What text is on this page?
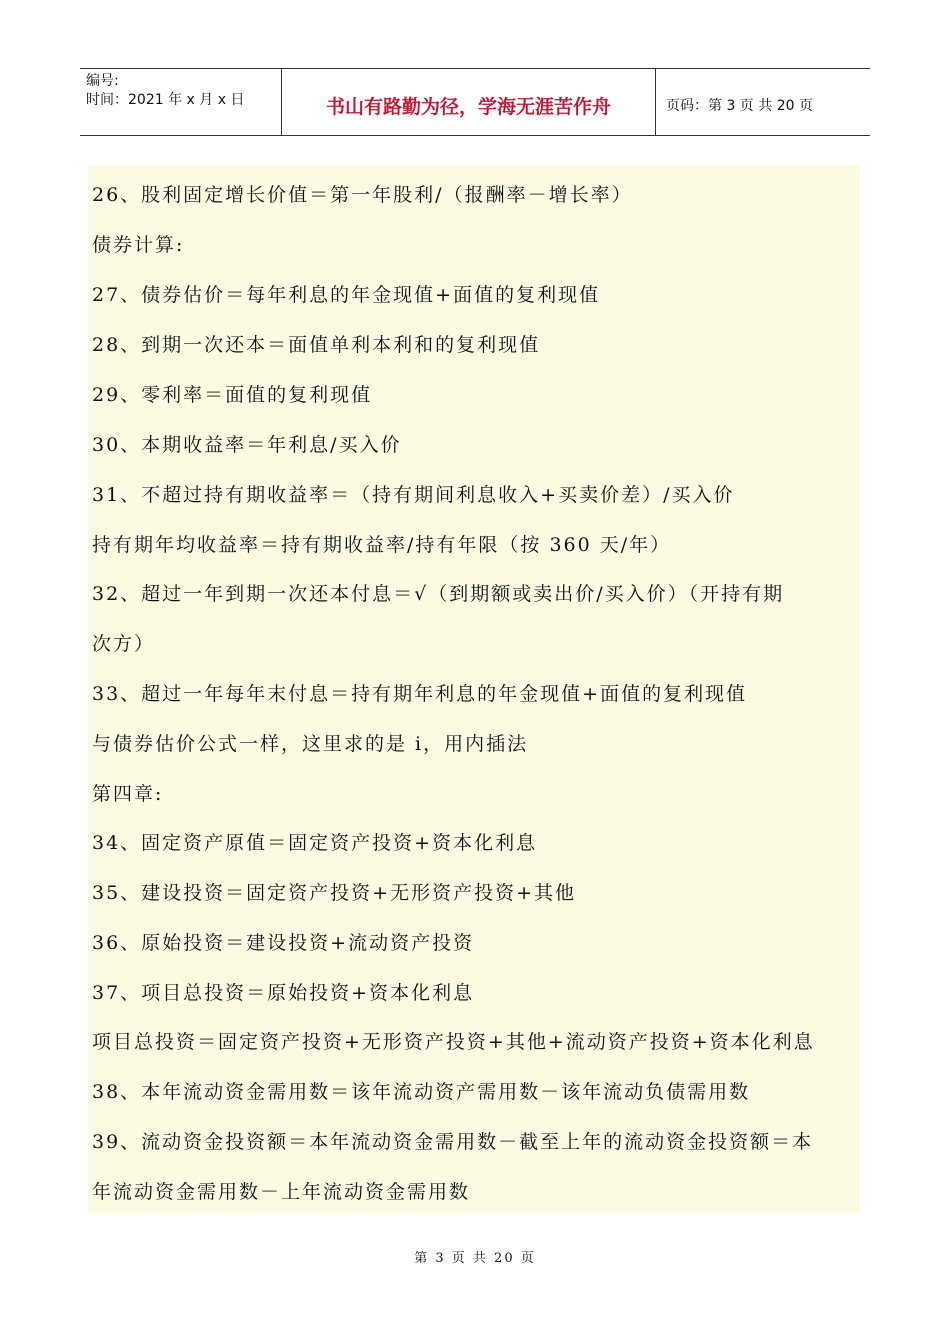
编号:
时间：2021 年 x 月 x 日	书山有路勤为径，学海无涯苦作舟	页码：第 3 页 共 20 页
26、股利固定增长价值＝第一年股利/（报酬率－增长率）
债券计算:
27、债券估价＝每年利息的年金现值+面值的复利现值
28、到期一次还本＝面值单利本利和的复利现值
29、零利率＝面值的复利现值
30、本期收益率＝年利息/买入价
31、不超过持有期收益率＝（持有期间利息收入+买卖价差）/买入价
持有期年均收益率＝持有期收益率/持有年限（按 360 天/年）
32、超过一年到期一次还本付息＝√（到期额或卖出价/买入价）（开持有期
次方）
33、超过一年每年末付息＝持有期年利息的年金现值+面值的复利现值
与债券估价公式一样，这里求的是 i，用内插法
第四章:
34、固定资产原值＝固定资产投资+资本化利息
35、建设投资＝固定资产投资+无形资产投资+其他
36、原始投资＝建设投资+流动资产投资
37、项目总投资＝原始投资+资本化利息
项目总投资＝固定资产投资+无形资产投资+其他+流动资产投资+资本化利息
38、本年流动资金需用数＝该年流动资产需用数－该年流动负债需用数
39、流动资金投资额＝本年流动资金需用数－截至上年的流动资金投资额＝本
年流动资金需用数－上年流动资金需用数
第 3 页 共 20 页
